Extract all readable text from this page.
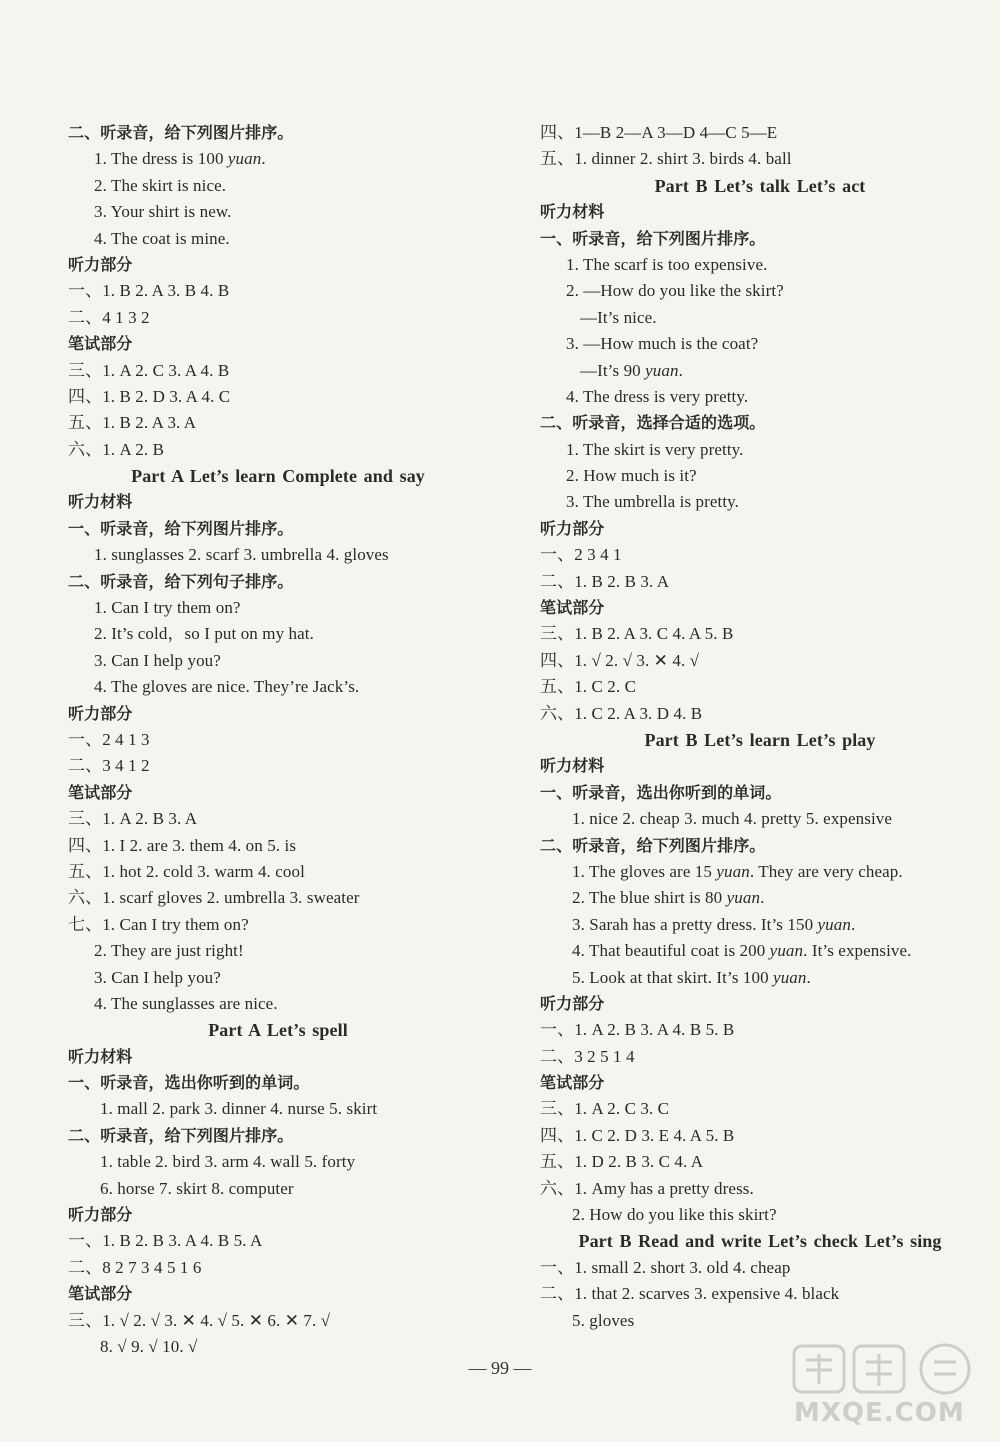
二、听录音，给下列图片排序。
1. The dress is 100 yuan.
2. The skirt is nice.
3. Your shirt is new.
4. The coat is mine.
听力部分
一、1. B 2. A 3. B 4. B
二、4 1 3 2
笔试部分
三、1. A 2. C 3. A 4. B
四、1. B 2. D 3. A 4. C
五、1. B 2. A 3. A
六、1. A 2. B
Part A Let’s learn Complete and say
听力材料
一、听录音，给下列图片排序。
1. sunglasses 2. scarf 3. umbrella 4. gloves
二、听录音，给下列句子排序。
1. Can I try them on?
2. It’s cold，so I put on my hat.
3. Can I help you?
4. The gloves are nice. They’re Jack’s.
听力部分
一、2 4 1 3
二、3 4 1 2
笔试部分
三、1. A 2. B 3. A
四、1. I 2. are 3. them 4. on 5. is
五、1. hot 2. cold 3. warm 4. cool
六、1. scarf gloves 2. umbrella 3. sweater
七、1. Can I try them on?
2. They are just right!
3. Can I help you?
4. The sunglasses are nice.
Part A Let’s spell
听力材料
一、听录音，选出你听到的单词。
1. mall 2. park 3. dinner 4. nurse 5. skirt
二、听录音，给下列图片排序。
1. table 2. bird 3. arm 4. wall 5. forty
6. horse 7. skirt 8. computer
听力部分
一、1. B 2. B 3. A 4. B 5. A
二、8 2 7 3 4 5 1 6
笔试部分
三、1. √ 2. √ 3. ✕ 4. √ 5. ✕ 6. ✕ 7. √
8. √ 9. √ 10. √
四、1—B 2—A 3—D 4—C 5—E
五、1. dinner 2. shirt 3. birds 4. ball
Part B Let’s talk Let’s act
听力材料
一、听录音，给下列图片排序。
1. The scarf is too expensive.
2. —How do you like the skirt?
—It’s nice.
3. —How much is the coat?
—It’s 90 yuan.
4. The dress is very pretty.
二、听录音，选择合适的选项。
1. The skirt is very pretty.
2. How much is it?
3. The umbrella is pretty.
听力部分
一、2 3 4 1
二、1. B 2. B 3. A
笔试部分
三、1. B 2. A 3. C 4. A 5. B
四、1. √ 2. √ 3. ✕ 4. √
五、1. C 2. C
六、1. C 2. A 3. D 4. B
Part B Let’s learn Let’s play
听力材料
一、听录音，选出你听到的单词。
1. nice 2. cheap 3. much 4. pretty 5. expensive
二、听录音，给下列图片排序。
1. The gloves are 15 yuan. They are very cheap.
2. The blue shirt is 80 yuan.
3. Sarah has a pretty dress. It’s 150 yuan.
4. That beautiful coat is 200 yuan. It’s expensive.
5. Look at that skirt. It’s 100 yuan.
听力部分
一、1. A 2. B 3. A 4. B 5. B
二、3 2 5 1 4
笔试部分
三、1. A 2. C 3. C
四、1. C 2. D 3. E 4. A 5. B
五、1. D 2. B 3. C 4. A
六、1. Amy has a pretty dress.
2. How do you like this skirt?
Part B Read and write Let’s check Let’s sing
一、1. small 2. short 3. old 4. cheap
二、1. that 2. scarves 3. expensive 4. black
5. gloves
— 99 —
MXQE.COM
